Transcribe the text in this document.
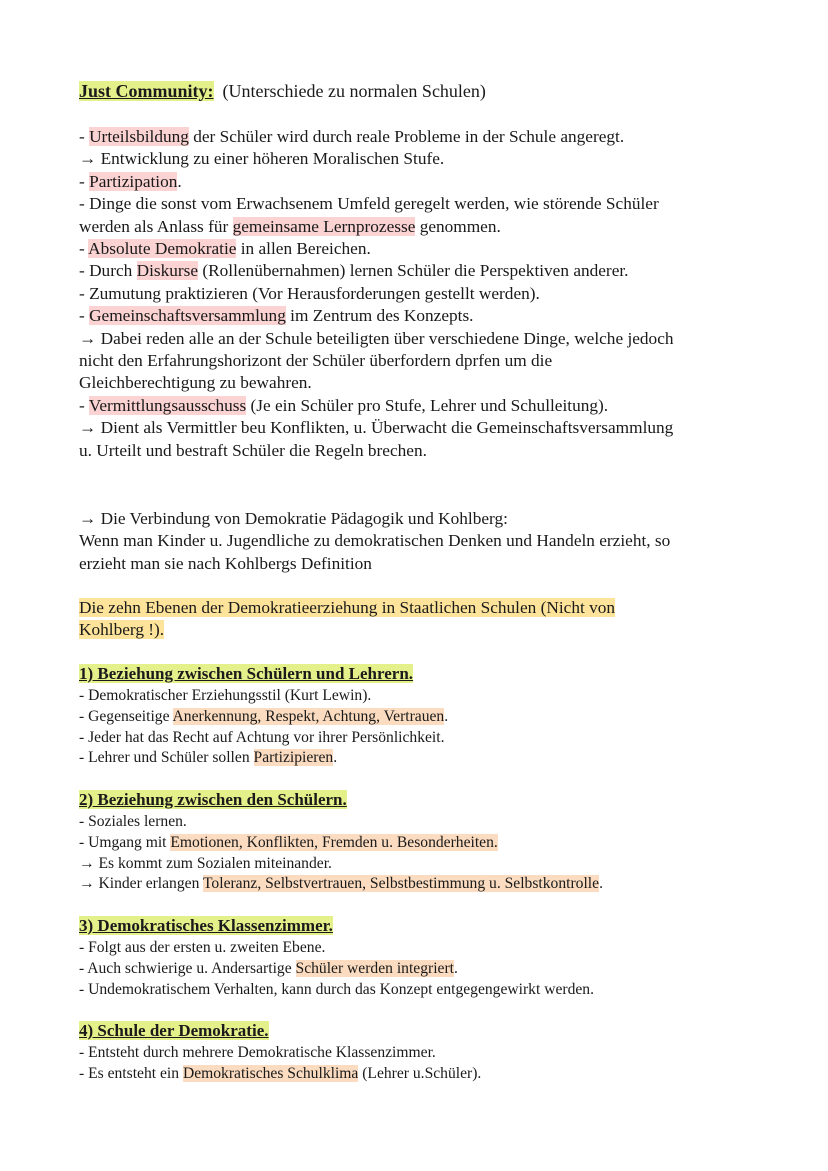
Just Community: (Unterschiede zu normalen Schulen)
- Urteilsbildung der Schüler wird durch reale Probleme in der Schule angeregt.
→ Entwicklung zu einer höheren Moralischen Stufe.
- Partizipation.
- Dinge die sonst vom Erwachsenem Umfeld geregelt werden, wie störende Schüler
werden als Anlass für gemeinsame Lernprozesse genommen.
- Absolute Demokratie in allen Bereichen.
- Durch Diskurse (Rollenübernahmen) lernen Schüler die Perspektiven anderer.
- Zumutung praktizieren (Vor Herausforderungen gestellt werden).
- Gemeinschaftsversammlung im Zentrum des Konzepts.
→ Dabei reden alle an der Schule beteiligten über verschiedene Dinge, welche jedoch
nicht den Erfahrungshorizont der Schüler überfordern dprfen um die
Gleichberechtigung zu bewahren.
- Vermittlungsausschuss (Je ein Schüler pro Stufe, Lehrer und Schulleitung).
→ Dient als Vermittler beu Konflikten, u. Überwacht die Gemeinschaftsversammlung
u. Urteilt und bestraft Schüler die Regeln brechen.
→ Die Verbindung von Demokratie Pädagogik und Kohlberg:
Wenn man Kinder u. Jugendliche zu demokratischen Denken und Handeln erzieht, so
erzieht man sie nach Kohlbergs Definition
Die zehn Ebenen der Demokratieerziehung in Staatlichen Schulen (Nicht von
Kohlberg !).
1) Beziehung zwischen Schülern und Lehrern.
- Demokratischer Erziehungsstil (Kurt Lewin).
- Gegenseitige Anerkennung, Respekt, Achtung, Vertrauen.
- Jeder hat das Recht auf Achtung vor ihrer Persönlichkeit.
- Lehrer und Schüler sollen Partizipieren.
2) Beziehung zwischen den Schülern.
- Soziales lernen.
- Umgang mit Emotionen, Konflikten, Fremden u. Besonderheiten.
→ Es kommt zum Sozialen miteinander.
→ Kinder erlangen Toleranz, Selbstvertrauen, Selbstbestimmung u. Selbstkontrolle.
3) Demokratisches Klassenzimmer.
- Folgt aus der ersten u. zweiten Ebene.
- Auch schwierige u. Andersartige Schüler werden integriert.
- Undemokratischem Verhalten, kann durch das Konzept entgegengewirkt werden.
4) Schule der Demokratie.
- Entsteht durch mehrere Demokratische Klassenzimmer.
- Es entsteht ein Demokratisches Schulklima (Lehrer u.Schüler).
